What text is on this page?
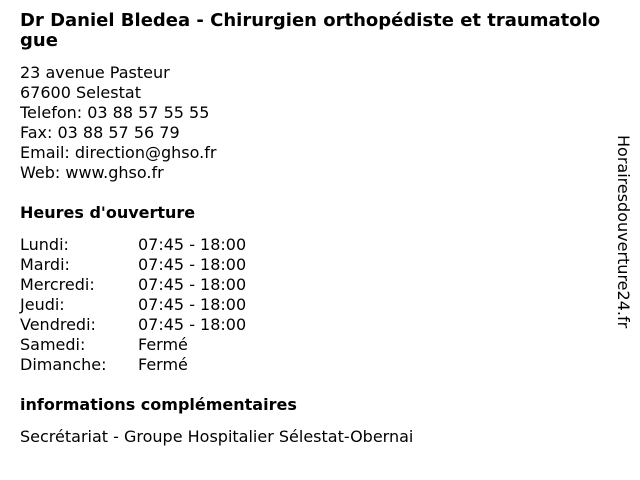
Dr Daniel Bledea - Chirurgien orthopédiste et traumatologue
23 avenue Pasteur
67600 Selestat
Telefon: 03 88 57 55 55
Fax: 03 88 57 56 79
Email: direction@ghso.fr
Web: www.ghso.fr
Heures d'ouverture
Lundi:	07:45 - 18:00
Mardi:	07:45 - 18:00
Mercredi:	07:45 - 18:00
Jeudi:	07:45 - 18:00
Vendredi:	07:45 - 18:00
Samedi:	Fermé
Dimanche:	Fermé
informations complémentaires
Secrétariat - Groupe Hospitalier Sélestat-Obernai
Horairesdouverture24.fr
